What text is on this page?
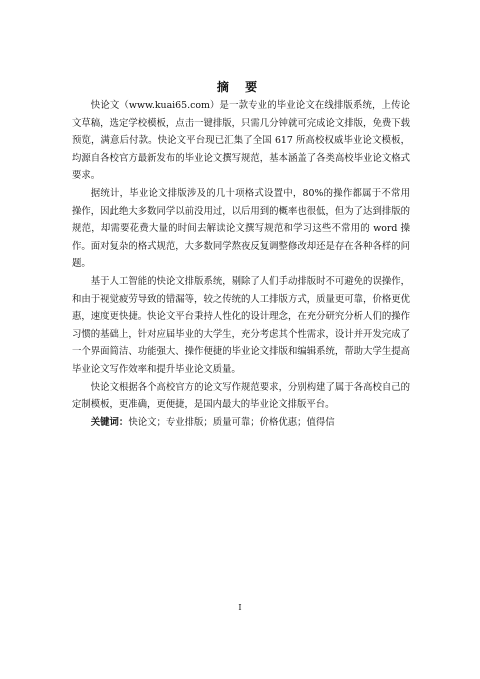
摘 要

快论文（www.kuai65.com）是一款专业的毕业论文在线排版系统，上传论文草稿，选定学校模板，点击一键排版，只需几分钟就可完成论文排版，免费下载预览，满意后付款。快论文平台现已汇集了全国 617 所高校权威毕业论文模板，均源自各校官方最新发布的毕业论文撰写规范，基本涵盖了各类高校毕业论文格式要求。

据统计，毕业论文排版涉及的几十项格式设置中，80%的操作都属于不常用操作，因此绝大多数同学以前没用过，以后用到的概率也很低，但为了达到排版的规范，却需要花费大量的时间去解读论文撰写规范和学习这些不常用的 word 操作。面对复杂的格式规范，大多数同学熬夜反复调整修改却还是存在各种各样的问题。

基于人工智能的快论文排版系统，剔除了人们手动排版时不可避免的误操作，和由于视觉疲劳导致的错漏等，较之传统的人工排版方式，质量更可靠，价格更优惠，速度更快捷。快论文平台秉持人性化的设计理念，在充分研究分析人们的操作习惯的基础上，针对应届毕业的大学生，充分考虑其个性需求，设计并开发完成了一个界面简洁、功能强大、操作便捷的毕业论文排版和编辑系统，帮助大学生提高毕业论文写作效率和提升毕业论文质量。

快论文根据各个高校官方的论文写作规范要求，分别构建了属于各高校自己的定制模板，更准确，更便捷，是国内最大的毕业论文排版平台。

关键词：快论文；专业排版；质量可靠；价格优惠；值得信

I
